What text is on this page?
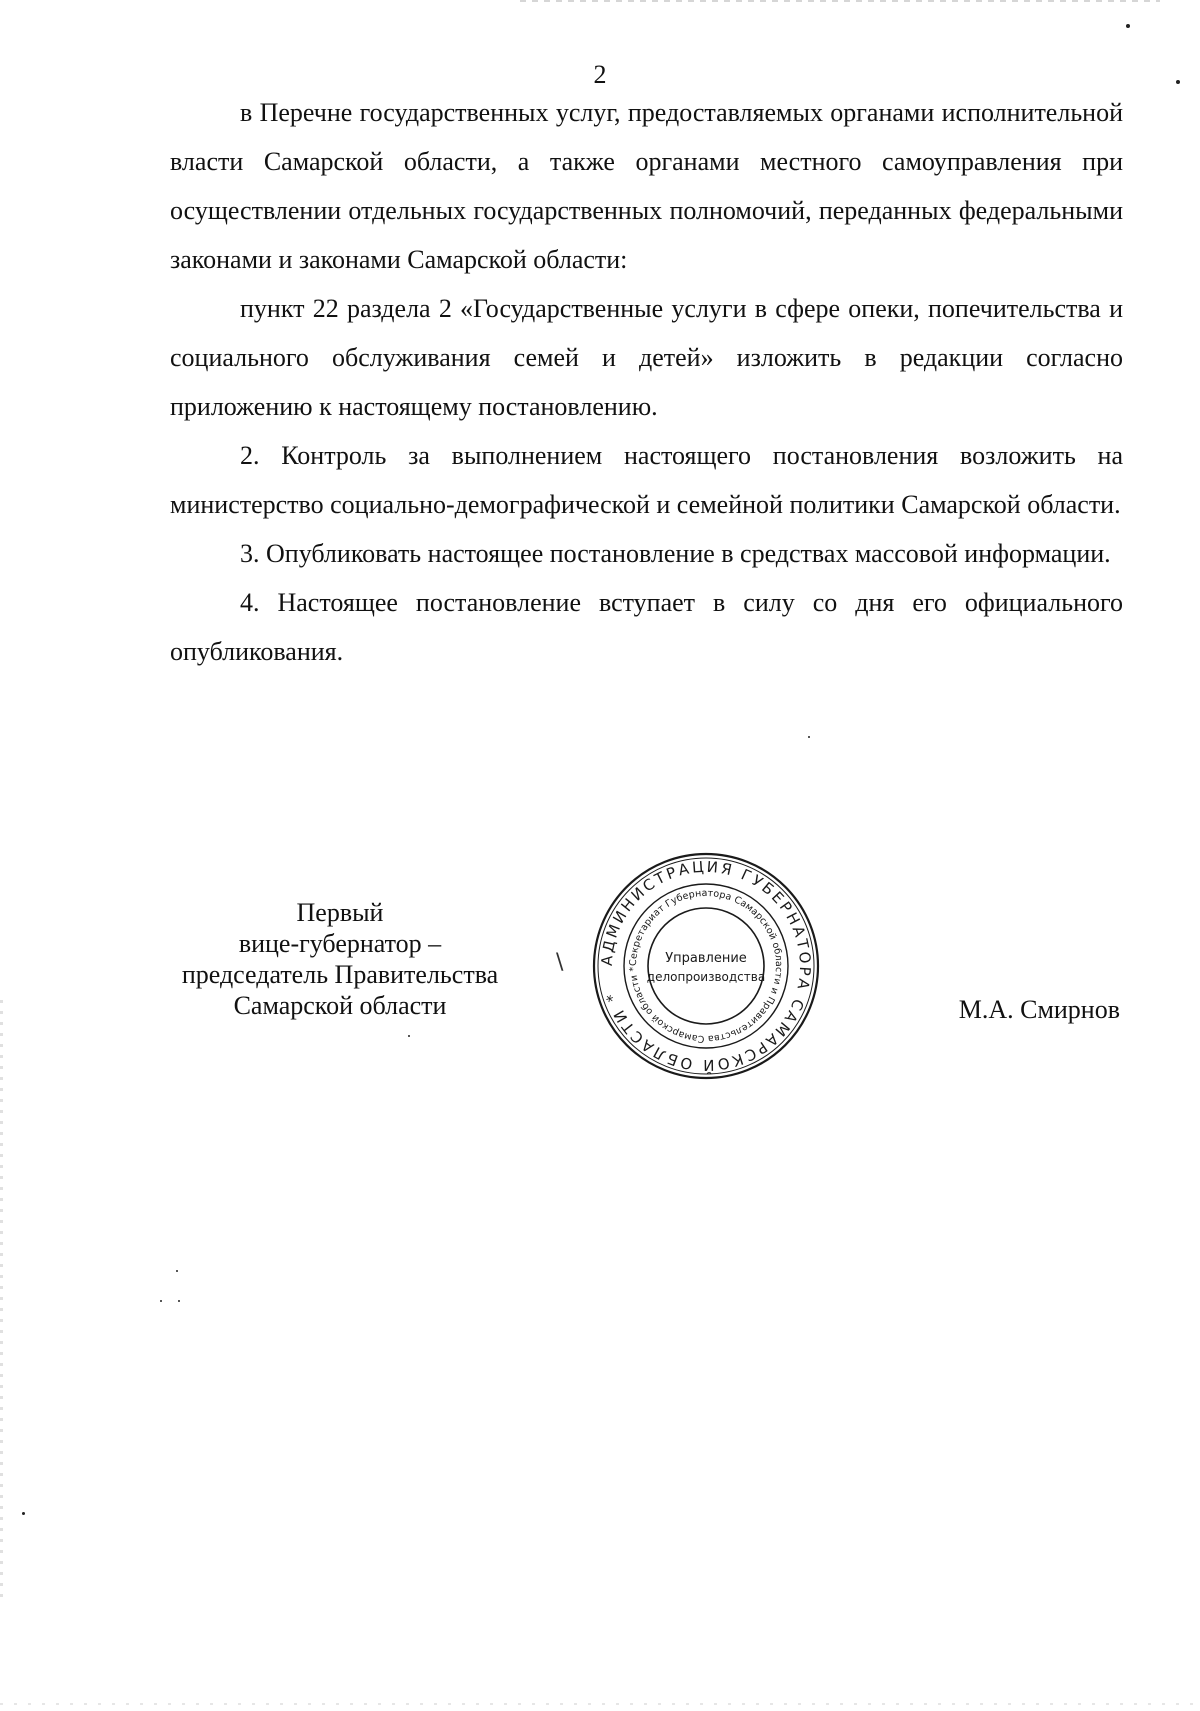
2

в Перечне государственных услуг, предоставляемых органами исполнительной власти Самарской области, а также органами местного самоуправления при осуществлении отдельных государственных полномочий, переданных федеральными законами и законами Самарской области:

пункт 22 раздела 2 «Государственные услуги в сфере опеки, попечительства и социального обслуживания семей и детей» изложить в редакции согласно приложению к настоящему постановлению.

2. Контроль за выполнением настоящего постановления возложить на министерство социально-демографической и семейной политики Самарской области.

3. Опубликовать настоящее постановление в средствах массовой информации.

4. Настоящее постановление вступает в силу со дня его официального опубликования.

Первый
вице-губернатор –
председатель Правительства
Самарской области
АДМИНИСТРАЦИЯ ГУБЕРНАТОРА САМАРСКОЙ ОБЛАСТИ *
Секретариат Губернатора Самарской области и Правительства Самарской области *
Управление
делопроизводства
М.А. Смирнов
\
